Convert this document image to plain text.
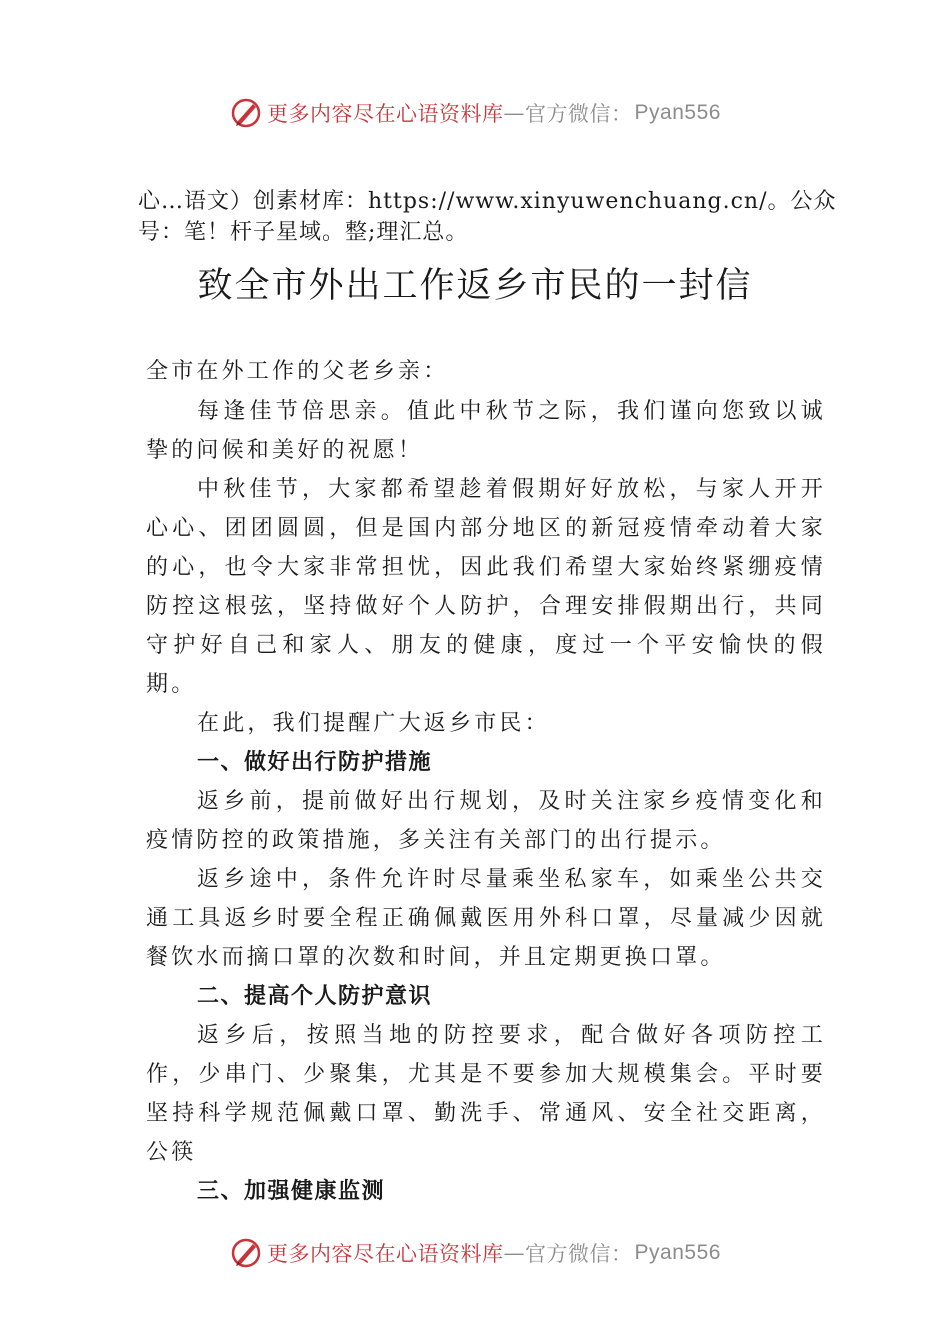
更多内容尽在心语资料库 — 官方微信： Pyan556
心…语文）创素材库：https://www.xinyuwenchuang.cn/。公众号：笔！杆子星域。整;理汇总。
致全市外出工作返乡市民的一封信

全市在外工作的父老乡亲：

每逢佳节倍思亲。值此中秋节之际，我们谨向您致以诚挚的问候和美好的祝愿！

中秋佳节，大家都希望趁着假期好好放松，与家人开开心心、团团圆圆，但是国内部分地区的新冠疫情牵动着大家的心，也令大家非常担忧，因此我们希望大家始终紧绷疫情防控这根弦，坚持做好个人防护，合理安排假期出行，共同守护好自己和家人、朋友的健康，度过一个平安愉快的假期。

在此，我们提醒广大返乡市民：

一、做好出行防护措施

返乡前，提前做好出行规划，及时关注家乡疫情变化和疫情防控的政策措施，多关注有关部门的出行提示。

返乡途中，条件允许时尽量乘坐私家车，如乘坐公共交通工具返乡时要全程正确佩戴医用外科口罩，尽量减少因就餐饮水而摘口罩的次数和时间，并且定期更换口罩。

二、提高个人防护意识

返乡后，按照当地的防控要求，配合做好各项防控工作，少串门、少聚集，尤其是不要参加大规模集会。平时要坚持科学规范佩戴口罩、勤洗手、常通风、安全社交距离，公筷

三、加强健康监测

更多内容尽在心语资料库 — 官方微信： Pyan556
